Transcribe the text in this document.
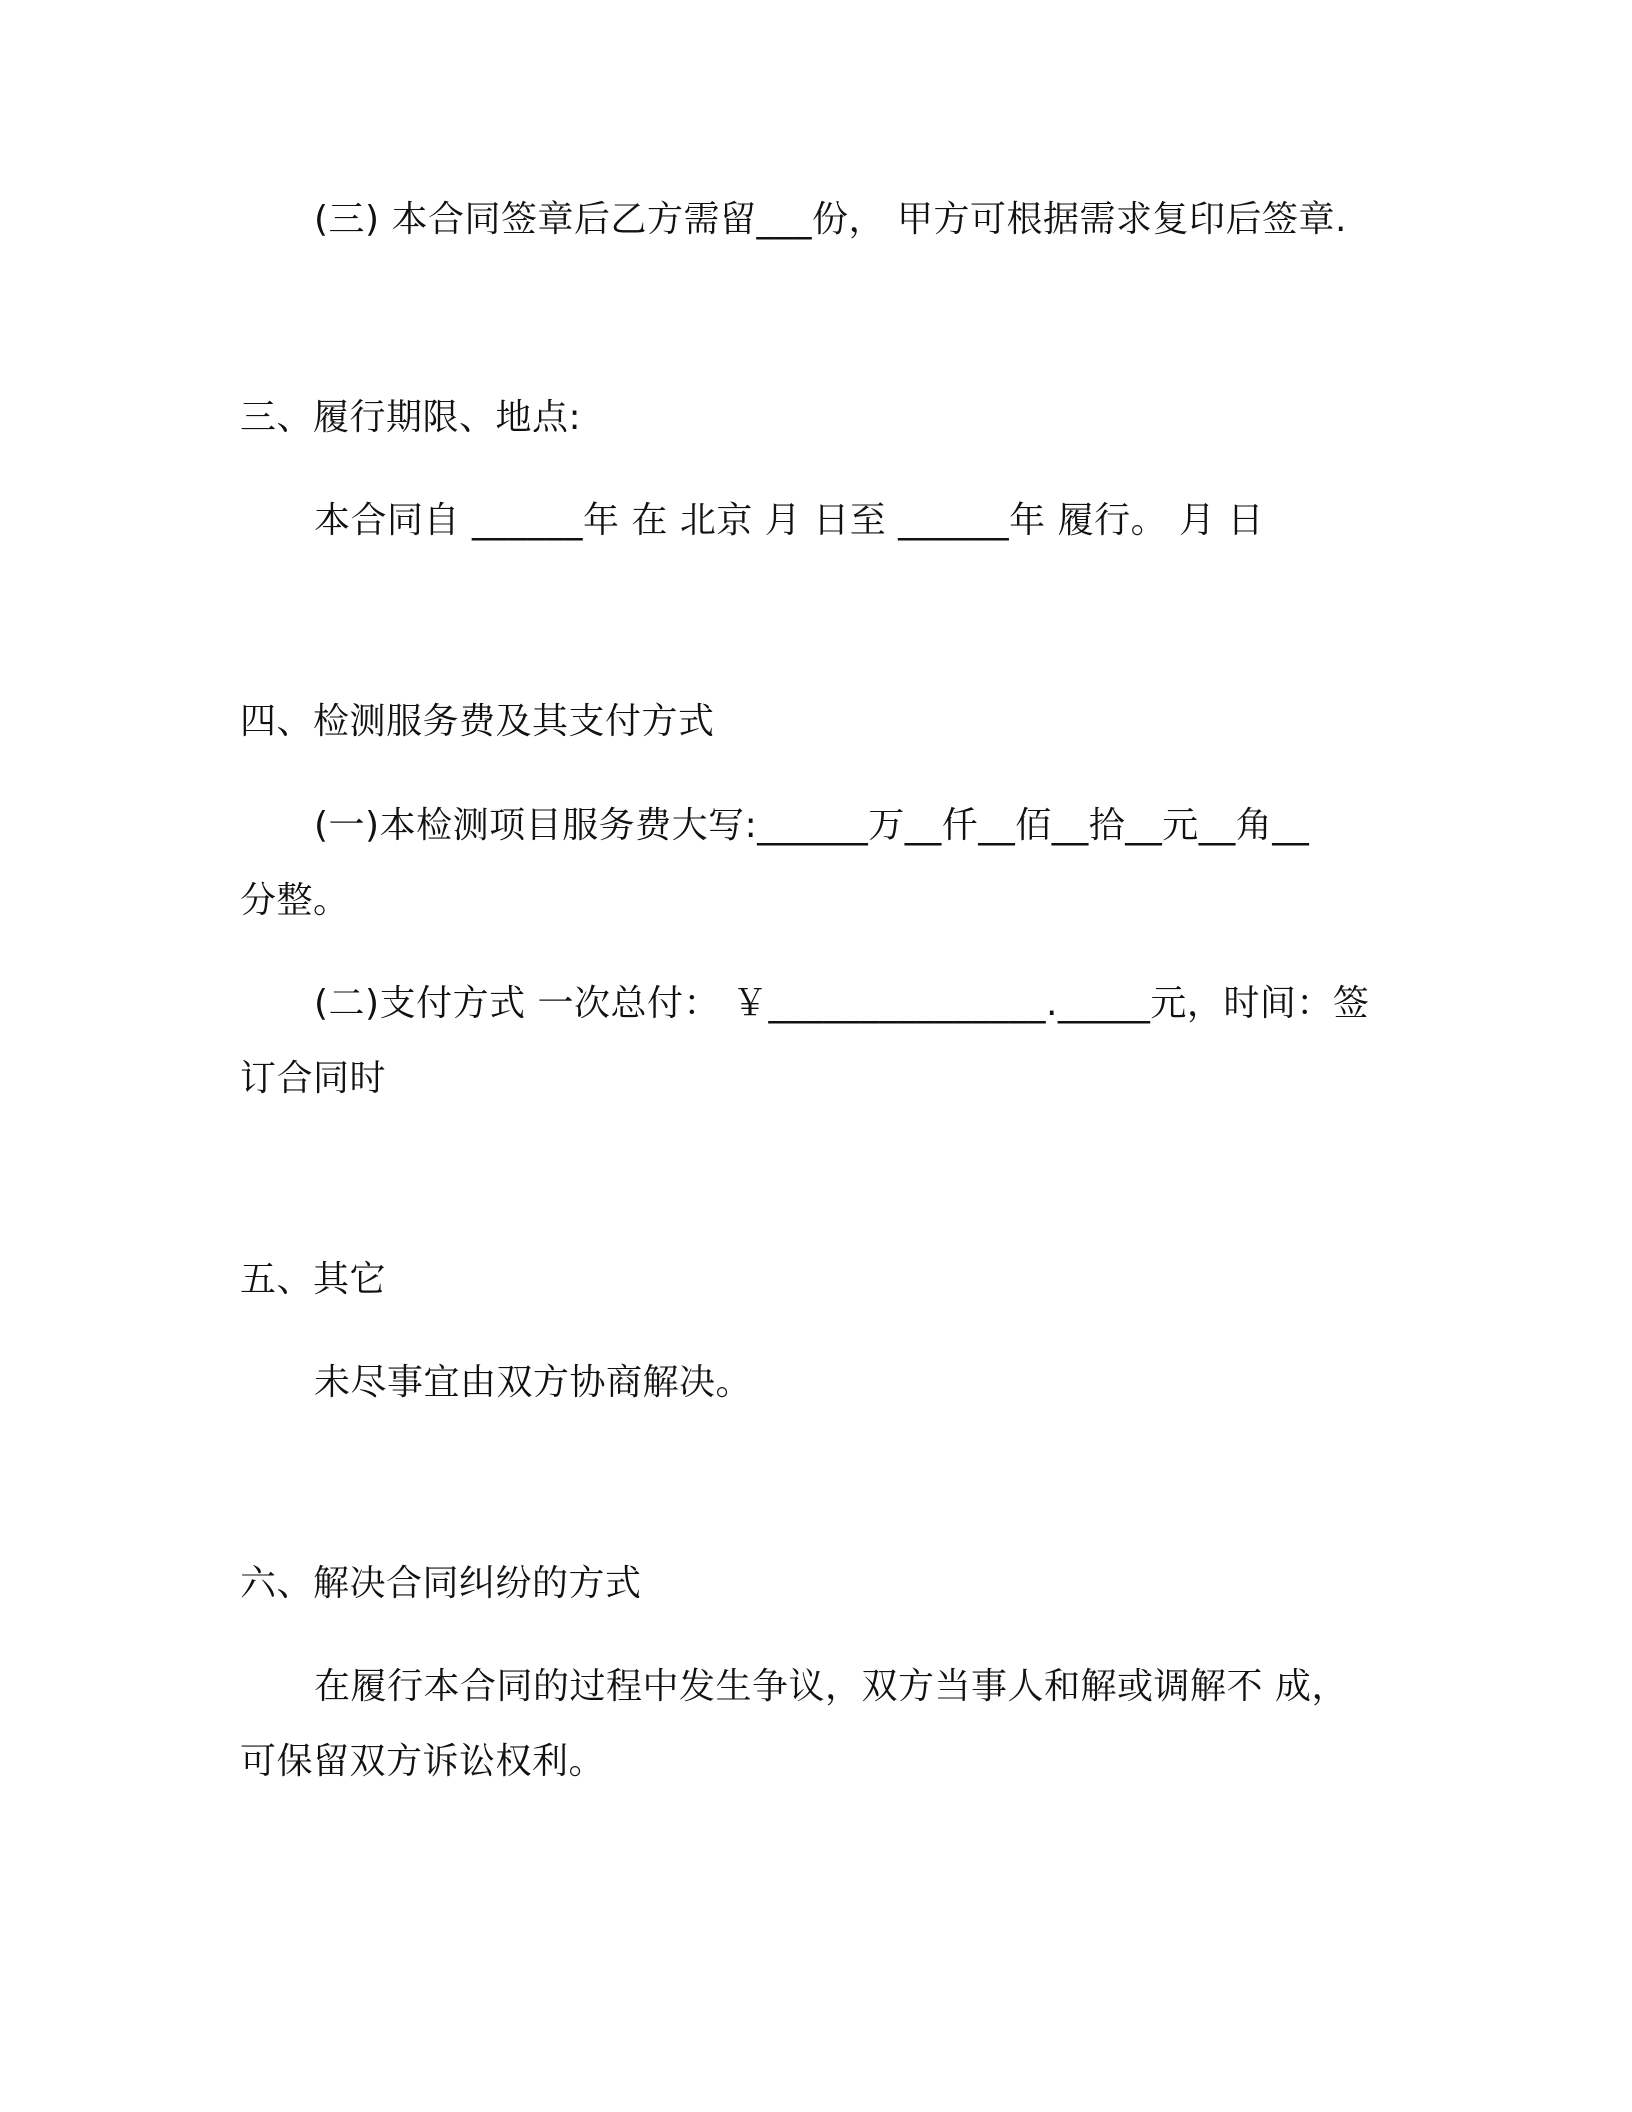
(三) 本合同签章后乙方需留___份， 甲方可根据需求复印后签章.
三、履行期限、地点:
本合同自 ______年 在 北京 月 日至 ______年 履行。 月 日
四、检测服务费及其支付方式
(一)本检测项目服务费大写:______万__仟__佰__拾__元__角__
分整。
(二)支付方式 一次总付： ￥_______________._____元，时间：签
订合同时
五、其它
未尽事宜由双方协商解决。
六、解决合同纠纷的方式
在履行本合同的过程中发生争议，双方当事人和解或调解不 成，
可保留双方诉讼权利。
